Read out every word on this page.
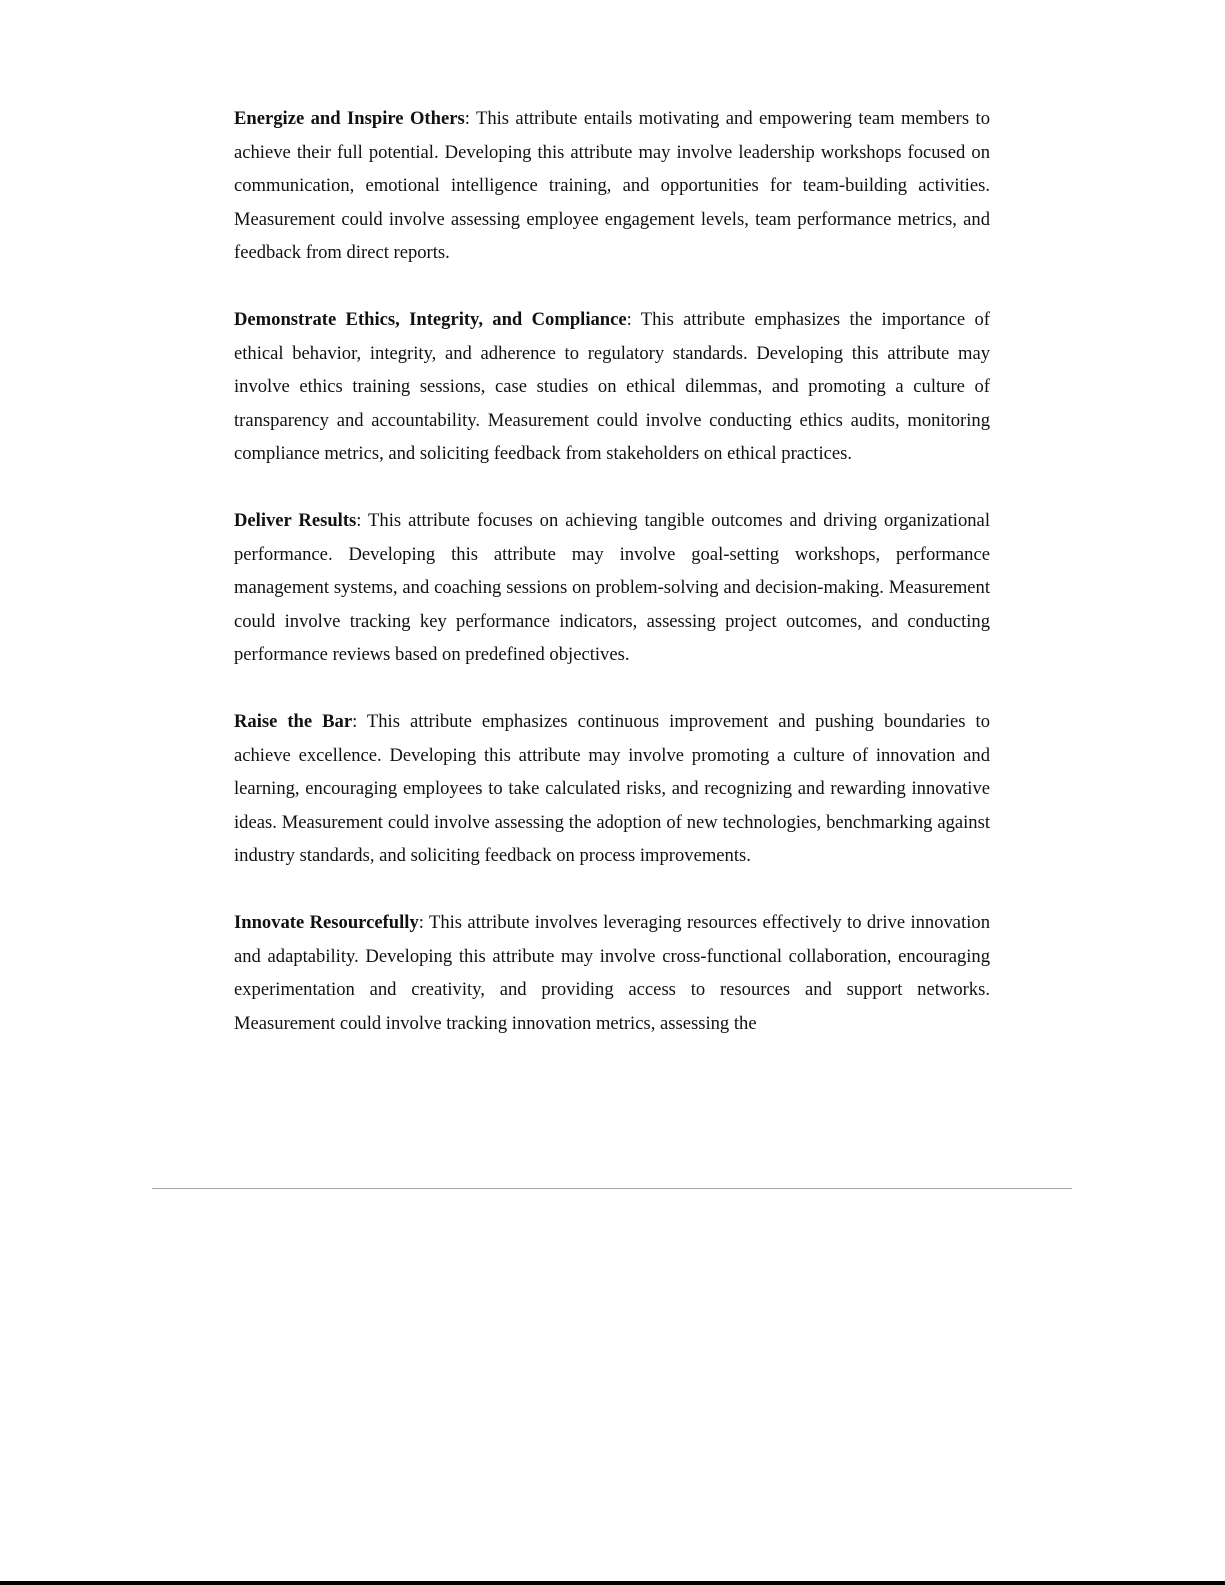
Energize and Inspire Others: This attribute entails motivating and empowering team members to achieve their full potential. Developing this attribute may involve leadership workshops focused on communication, emotional intelligence training, and opportunities for team-building activities. Measurement could involve assessing employee engagement levels, team performance metrics, and feedback from direct reports.

Demonstrate Ethics, Integrity, and Compliance: This attribute emphasizes the importance of ethical behavior, integrity, and adherence to regulatory standards. Developing this attribute may involve ethics training sessions, case studies on ethical dilemmas, and promoting a culture of transparency and accountability. Measurement could involve conducting ethics audits, monitoring compliance metrics, and soliciting feedback from stakeholders on ethical practices.

Deliver Results: This attribute focuses on achieving tangible outcomes and driving organizational performance. Developing this attribute may involve goal-setting workshops, performance management systems, and coaching sessions on problem-solving and decision-making. Measurement could involve tracking key performance indicators, assessing project outcomes, and conducting performance reviews based on predefined objectives.

Raise the Bar: This attribute emphasizes continuous improvement and pushing boundaries to achieve excellence. Developing this attribute may involve promoting a culture of innovation and learning, encouraging employees to take calculated risks, and recognizing and rewarding innovative ideas. Measurement could involve assessing the adoption of new technologies, benchmarking against industry standards, and soliciting feedback on process improvements.

Innovate Resourcefully: This attribute involves leveraging resources effectively to drive innovation and adaptability. Developing this attribute may involve cross-functional collaboration, encouraging experimentation and creativity, and providing access to resources and support networks. Measurement could involve tracking innovation metrics, assessing the
